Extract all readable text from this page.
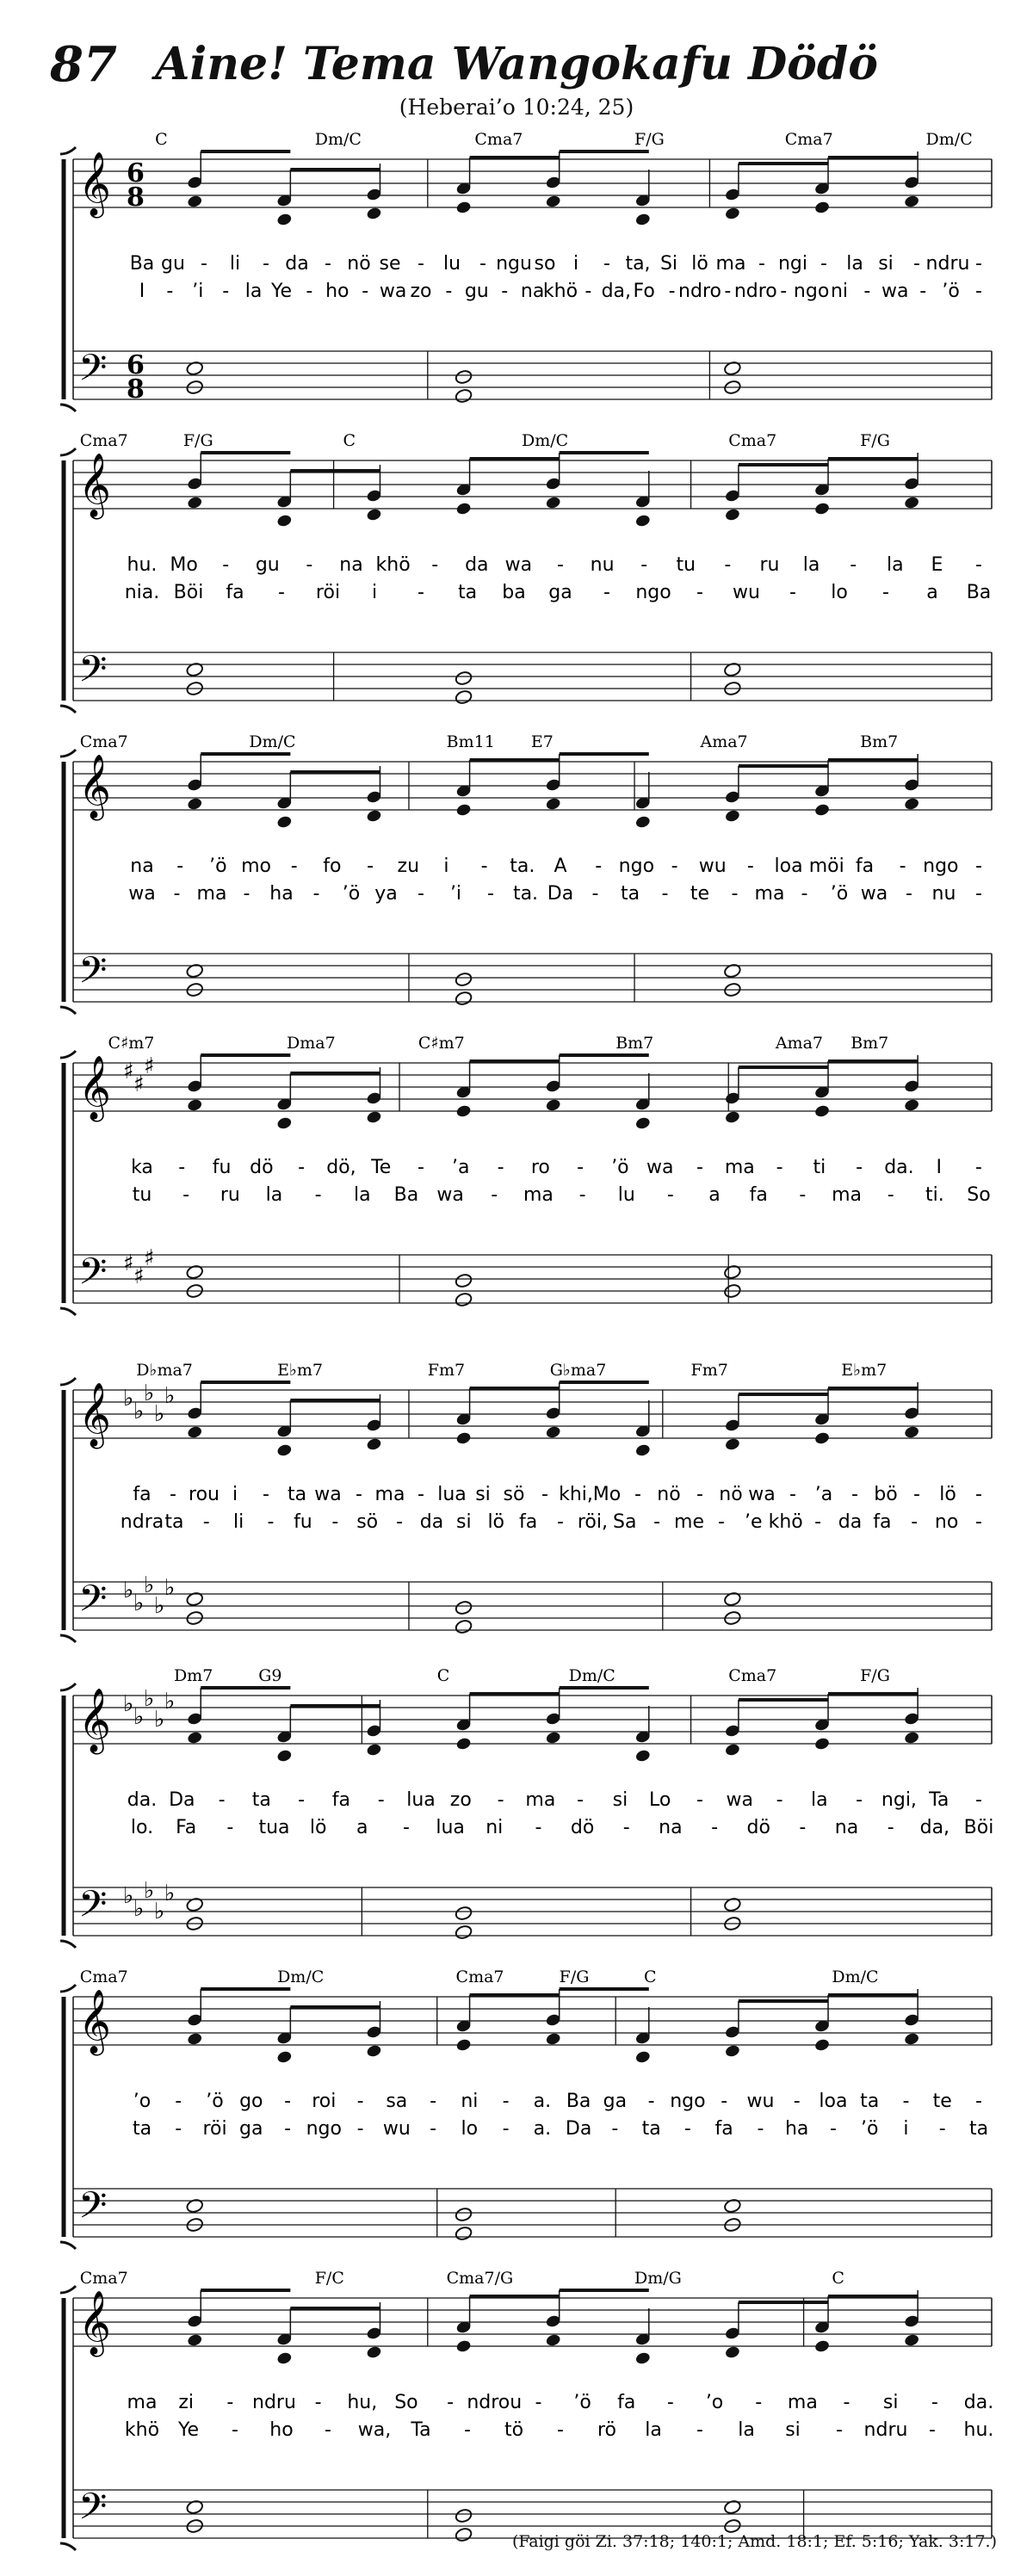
87 Aine! Tema Wangokafu Dödö
(Heberai’o 10:24, 25)
𝄞
𝄢
6
8
6
8
C	Dm/C	Cma7	F/G	Cma7	Dm/C
Ba gu - li - da - nö se - lu - ngu so i - ta, Si lö ma - ngi - la si - ndru -
I - ’i - la Ye - ho - wa zo - gu - na
khö - da, Fo - ndro - ndro - ngo ni - wa - ’ö -
𝄞
𝄢
Cma7	F/G	C	Dm/C	Cma7	F/G
hu. Mo - gu - na khö - da wa - nu - tu - ru la - la E -
nia. Böi fa - röi i - ta ba ga - ngo - wu - lo - a Ba
𝄞
𝄢
Cma7	Dm/C	Bm11 E7	Ama7	Bm7
na - ’ö mo - fo - zu i - ta. A - ngo - wu - loa möi fa - ngo -
wa - ma - ha - ’ö ya - ’i - ta. Da - ta - te - ma - ’ö wa - nu -
𝄞
𝄢
♯
♯
♯
♯
♯
♯
C♯m7	Dma7	C♯m7	Bm7	Ama7 Bm7
ka - fu dö - dö, Te - ’a - ro - ’ö wa - ma - ti - da. I -
tu - ru la - la Ba wa - ma - lu - a fa - ma - ti. So
𝄞
𝄢
♭
♭
♭
♭
♭
♭
♭
♭
♭
♭
D♭ma7	E♭m7	Fm7	G♭ma7	Fm7	E♭m7
fa - rou i - ta wa - ma - lua si sö - khi, Mo - nö - nö wa - ’a - bö - lö -
ndra ta - li - fu - sö - da si lö fa - röi, Sa - me - ’e khö - da fa - no -
𝄞
𝄢
♭
♭
♭
♭
♭
♭
♭
♭
♭
♭
Dm7	G9	C	Dm/C	Cma7	F/G
da. Da - ta - fa - lua zo - ma - si Lo - wa - la - ngi, Ta -
lo. Fa - tua lö a - lua ni - dö - na - dö - na - da, Böi
𝄞
𝄢
Cma7	Dm/C	Cma7	F/G	C	Dm/C
’o - ’ö go - roi - sa - ni - a. Ba ga - ngo - wu - loa ta - te -
ta - röi ga - ngo - wu - lo - a. Da - ta - fa - ha - ’ö i - ta
𝄞
𝄢
Cma7	F/C	Cma7/G	Dm/G	C
ma zi - ndru - hu, So - ndrou - ’ö fa - ’o - ma - si - da.
khö Ye - ho - wa, Ta - tö - rö la - la si - ndru - hu.
(Faigi göi Zi. 37:18; 140:1; Amd. 18:1; Ef. 5:16; Yak. 3:17.)
